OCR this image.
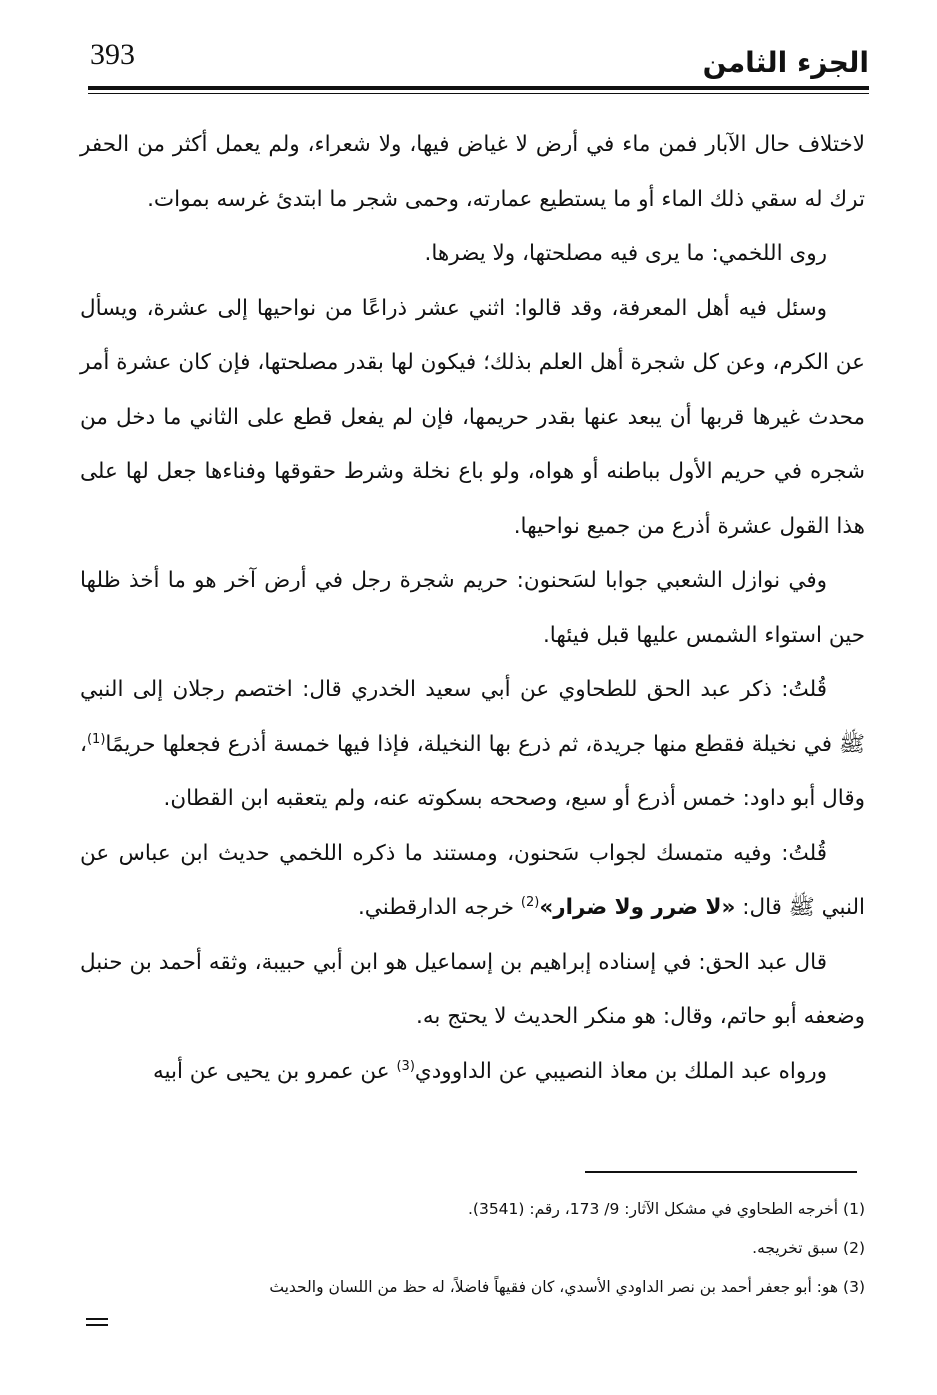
393	الجزء الثامن

لاختلاف حال الآبار فمن ماء في أرض لا غياض فيها، ولا شعراء، ولم يعمل أكثر من الحفر ترك له سقي ذلك الماء أو ما يستطيع عمارته، وحمى شجر ما ابتدئ غرسه بموات.

روى اللخمي: ما يرى فيه مصلحتها، ولا يضرها.

وسئل فيه أهل المعرفة، وقد قالوا: اثني عشر ذراعًا من نواحيها إلى عشرة، ويسأل عن الكرم، وعن كل شجرة أهل العلم بذلك؛ فيكون لها بقدر مصلحتها، فإن كان عشرة أمر محدث غيرها قربها أن يبعد عنها بقدر حريمها، فإن لم يفعل قطع على الثاني ما دخل من شجره في حريم الأول بباطنه أو هواه، ولو باع نخلة وشرط حقوقها وفناءها جعل لها على هذا القول عشرة أذرع من جميع نواحيها.

وفي نوازل الشعبي جوابا لسَحنون: حريم شجرة رجل في أرض آخر هو ما أخذ ظلها حين استواء الشمس عليها قبل فيئها.

قُلتُ: ذكر عبد الحق للطحاوي عن أبي سعيد الخدري قال: اختصم رجلان إلى النبي ﷺ في نخيلة فقطع منها جريدة، ثم ذرع بها النخيلة، فإذا فيها خمسة أذرع فجعلها حريمًا$^{(1)}$، وقال أبو داود: خمس أذرع أو سبع، وصححه بسكوته عنه، ولم يتعقبه ابن القطان.

قُلتُ: وفيه متمسك لجواب سَحنون، ومستند ما ذكره اللخمي حديث ابن عباس عن النبي ﷺ قال: «لا ضرر ولا ضرار»$^{(2)}$ خرجه الدارقطني.

قال عبد الحق: في إسناده إبراهيم بن إسماعيل هو ابن أبي حبيبة، وثقه أحمد بن حنبل وضعفه أبو حاتم، وقال: هو منكر الحديث لا يحتج به.

ورواه عبد الملك بن معاذ النصيبي عن الداوودي$^{(3)}$ عن عمرو بن يحيى عن أبيه

(1) أخرجه الطحاوي في مشكل الآثار: 9/ 173، رقم: (3541).

(2) سبق تخريجه.

(3) هو: أبو جعفر أحمد بن نصر الداودي الأسدي، كان فقيهاً فاضلاً، له حظ من اللسان والحديث
